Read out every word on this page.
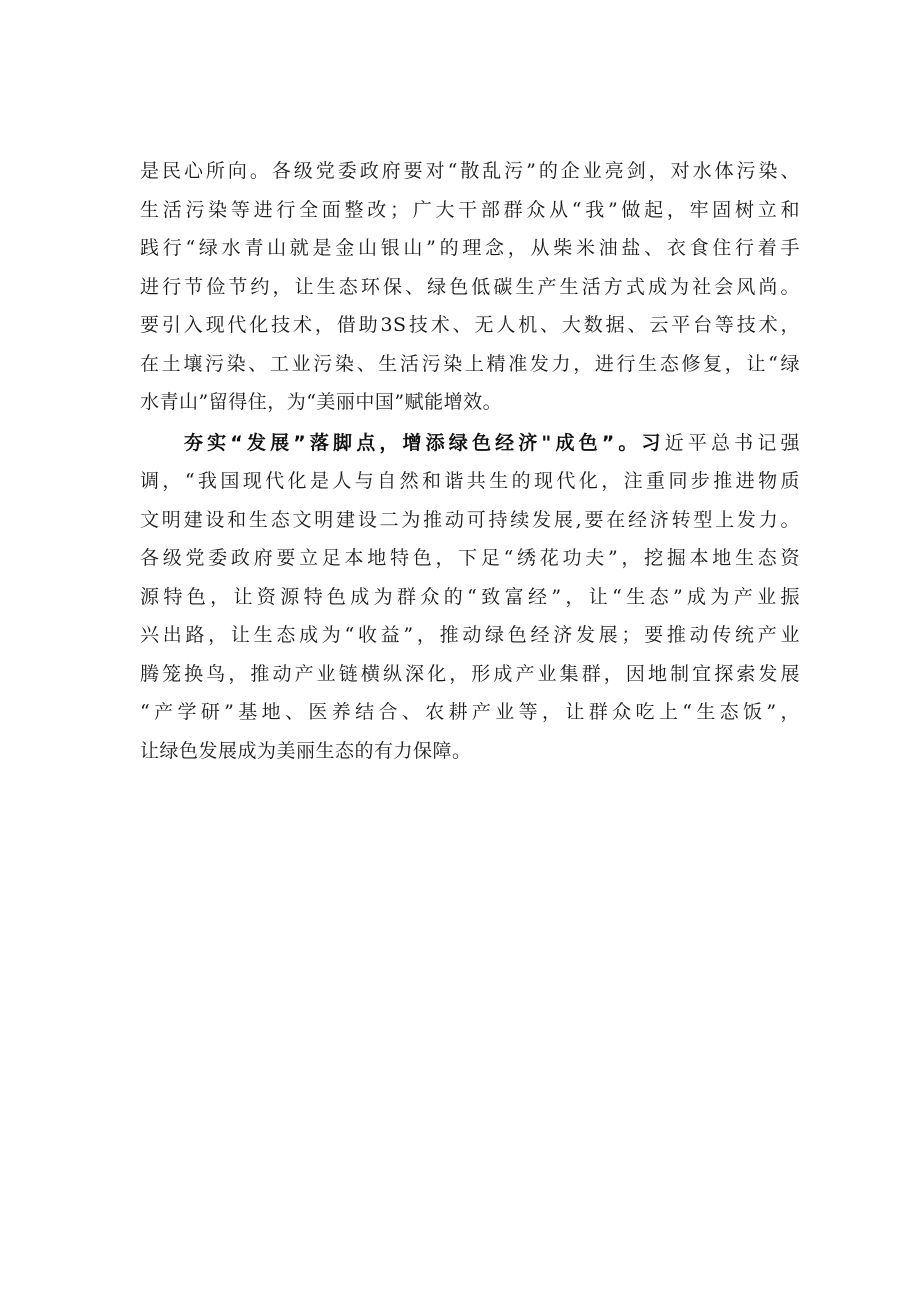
是民心所向。各级党委政府要对“散乱污”的企业亮剑，对水体污染、
生活污染等进行全面整改；广大干部群众从“我”做起，牢固树立和
践行“绿水青山就是金山银山”的理念，从柴米油盐、衣食住行着手
进行节俭节约，让生态环保、绿色低碳生产生活方式成为社会风尚。
要引入现代化技术，借助3S技术、无人机、大数据、云平台等技术，
在土壤污染、工业污染、生活污染上精准发力，进行生态修复，让“绿
水青山”留得住，为“美丽中国”赋能增效。
夯实“发展”落脚点，增添绿色经济"成色”。习近平总书记强
调，“我国现代化是人与自然和谐共生的现代化，注重同步推进物质
文明建设和生态文明建设二为推动可持续发展,要在经济转型上发力。
各级党委政府要立足本地特色，下足“绣花功夫”，挖掘本地生态资
源特色，让资源特色成为群众的“致富经”，让“生态”成为产业振
兴出路，让生态成为“收益”，推动绿色经济发展；要推动传统产业
腾笼换鸟，推动产业链横纵深化，形成产业集群，因地制宜探索发展
“产学研”基地、医养结合、农耕产业等，让群众吃上“生态饭”，
让绿色发展成为美丽生态的有力保障。
